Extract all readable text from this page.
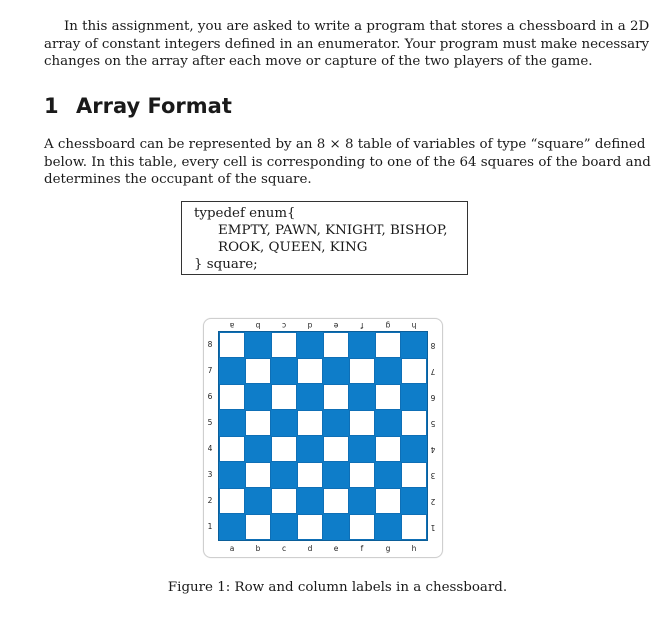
In this assignment, you are asked to write a program that stores a chessboard in a 2D
array of constant integers defined in an enumerator. Your program must make necessary
changes on the array after each move or capture of the two players of the game.
1 Array Format
A chessboard can be represented by an 8 × 8 table of variables of type “square” defined
below. In this table, every cell is corresponding to one of the 64 squares of the board and
determines the occupant of the square.
typedef enum{
EMPTY, PAWN, KNIGHT, BISHOP,
ROOK, QUEEN, KING
} square;
a
a
b
b
c
c
d
d
e
e
f
f
g
g
h
h
8	8
7	7
6	6
5	5
4	4
3	3
2	2
1	1
Figure 1: Row and column labels in a chessboard.
